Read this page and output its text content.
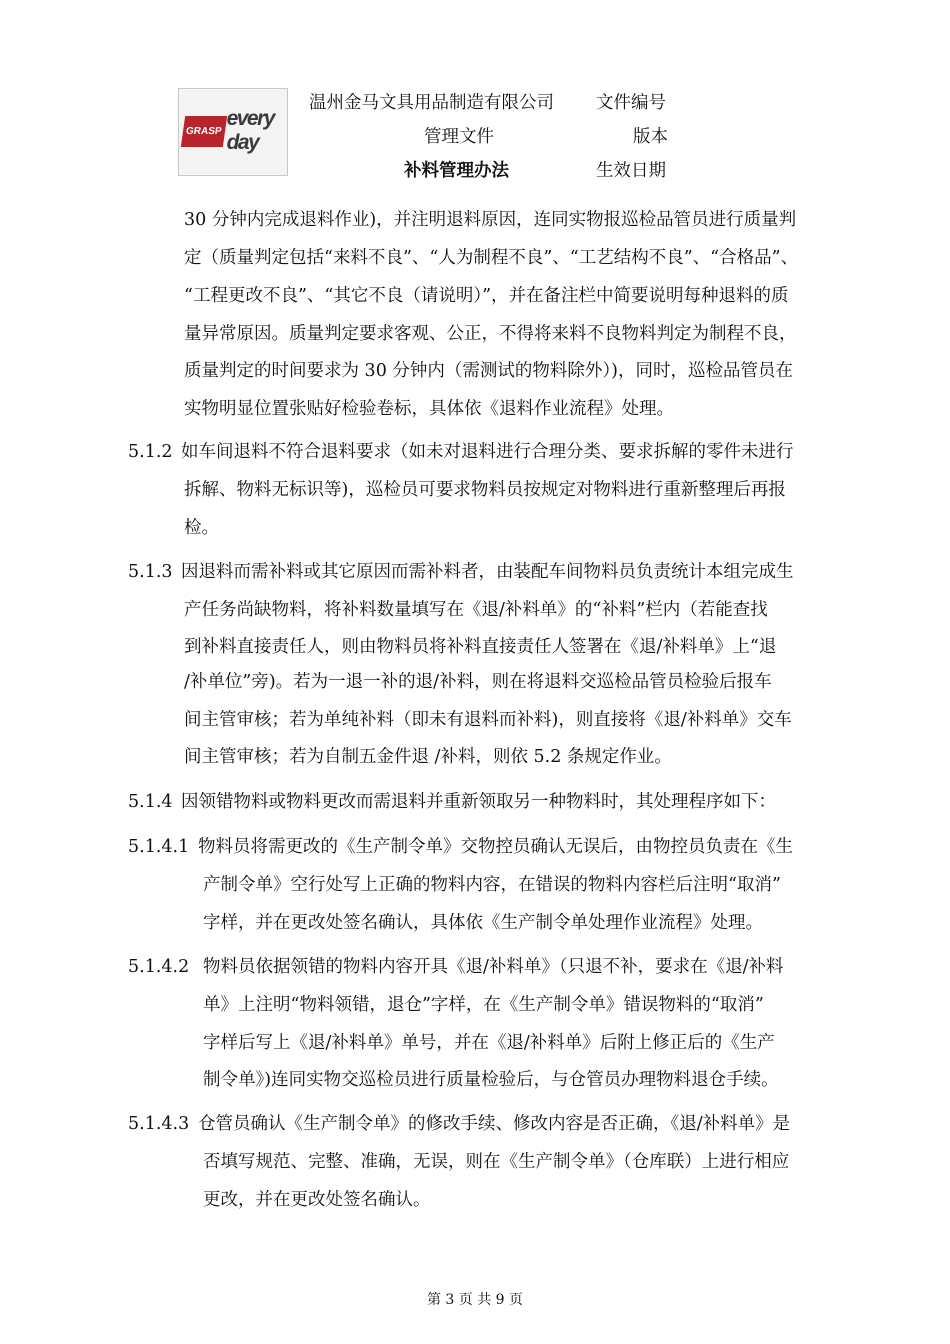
GRASP
every day
温州金马文具用品制造有限公司 文件编号
管理文件	版本
补料管理办法	生效日期
30 分钟内完成退料作业)，并注明退料原因，连同实物报巡检品管员进行质量判
定（质量判定包括“来料不良”、“人为制程不良”、“工艺结构不良”、“合格品”、
“工程更改不良”、“其它不良（请说明）”，并在备注栏中简要说明每种退料的质
量异常原因。质量判定要求客观、公正，不得将来料不良物料判定为制程不良，
质量判定的时间要求为 30 分钟内（需测试的物料除外）)，同时，巡检品管员在
实物明显位置张贴好检验卷标，具体依《退料作业流程》处理。
5.1.2 如车间退料不符合退料要求（如未对退料进行合理分类、要求拆解的零件未进行
拆解、物料无标识等)，巡检员可要求物料员按规定对物料进行重新整理后再报
检。
5.1.3 因退料而需补料或其它原因而需补料者，由装配车间物料员负责统计本组完成生
产任务尚缺物料，将补料数量填写在《退/补料单》的“补料”栏内（若能查找
到补料直接责任人，则由物料员将补料直接责任人签署在《退/补料单》上“退
/补单位”旁)。若为一退一补的退/补料，则在将退料交巡检品管员检验后报车
间主管审核；若为单纯补料（即未有退料而补料)，则直接将《退/补料单》交车
间主管审核；若为自制五金件退 /补料，则依 5.2 条规定作业。
5.1.4 因领错物料或物料更改而需退料并重新领取另一种物料时，其处理程序如下：
5.1.4.1 物料员将需更改的《生产制令单》交物控员确认无误后，由物控员负责在《生
产制令单》空行处写上正确的物料内容，在错误的物料内容栏后注明“取消”
字样，并在更改处签名确认，具体依《生产制令单处理作业流程》处理。
5.1.4.2 物料员依据领错的物料内容开具《退/补料单》（只退不补，要求在《退/补料
单》上注明“物料领错，退仓”字样，在《生产制令单》错误物料的“取消”
字样后写上《退/补料单》单号，并在《退/补料单》后附上修正后的《生产
制令单》)连同实物交巡检员进行质量检验后，与仓管员办理物料退仓手续。
5.1.4.3 仓管员确认《生产制令单》的修改手续、修改内容是否正确，《退/补料单》是
否填写规范、完整、准确，无误，则在《生产制令单》（仓库联）上进行相应
更改，并在更改处签名确认。
第 3 页 共 9 页
